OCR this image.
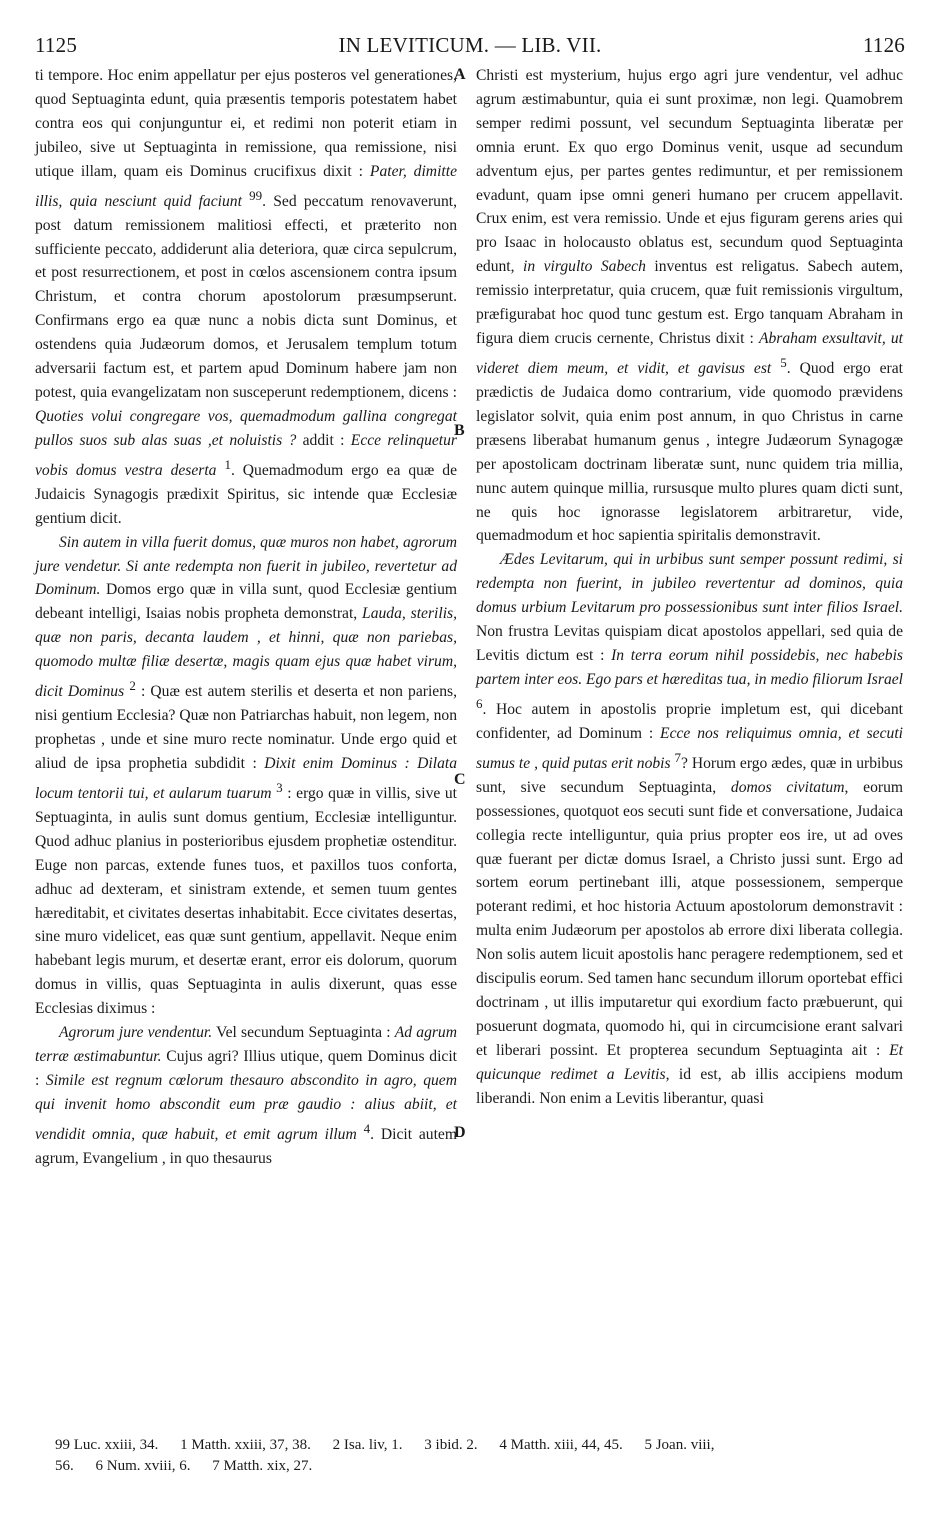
1125	IN LEVITICUM. — LIB. VII.	1126
A
B
C
D

ti tempore. Hoc enim appellatur per ejus posteros vel generationes, quod Septuaginta edunt, quia præsentis temporis potestatem habet contra eos qui conjunguntur ei, et redimi non poterit etiam in jubileo, sive ut Septuaginta in remissione, qua remissione, nisi utique illam, quam eis Dominus crucifixus dixit : Pater, dimitte illis, quia nesciunt quid faciunt $^{99}$. Sed peccatum renovaverunt, post datum remissionem malitiosi effecti, et præterito non sufficiente peccato, addiderunt alia deteriora, quæ circa sepulcrum, et post resurrectionem, et post in cœlos ascensionem contra ipsum Christum, et contra chorum apostolorum præsumpserunt. Confirmans ergo ea quæ nunc a nobis dicta sunt Dominus, et ostendens quia Judæorum domos, et Jerusalem templum totum adversarii factum est, et partem apud Dominum habere jam non potest, quia evangelizatam non susceperunt redemptionem, dicens : Quoties volui congregare vos, quemadmodum gallina congregat pullos suos sub alas suas ,et noluistis ? addit : Ecce relinquetur vobis domus vestra deserta $^1$. Quemadmodum ergo ea quæ de Judaicis Synagogis prædixit Spiritus, sic intende quæ Ecclesiæ gentium dicit.

Sin autem in villa fuerit domus, quæ muros non habet, agrorum jure vendetur. Si ante redempta non fuerit in jubileo, revertetur ad Dominum. Domos ergo quæ in villa sunt, quod Ecclesiæ gentium debeant intelligi, Isaias nobis propheta demonstrat, Lauda, sterilis, quæ non paris, decanta laudem , et hinni, quæ non pariebas, quomodo multæ filiæ desertæ, magis quam ejus quæ habet virum, dicit Dominus $^2$ : Quæ est autem sterilis et deserta et non pariens, nisi gentium Ecclesia? Quæ non Patriarchas habuit, non legem, non prophetas , unde et sine muro recte nominatur. Unde ergo quid et aliud de ipsa prophetia subdidit : Dixit enim Dominus : Dilata locum tentorii tui, et aularum tuarum $^3$ : ergo quæ in villis, sive ut Septuaginta, in aulis sunt domus gentium, Ecclesiæ intelliguntur. Quod adhuc planius in posterioribus ejusdem prophetiæ ostenditur. Euge non parcas, extende funes tuos, et paxillos tuos conforta, adhuc ad dexteram, et sinistram extende, et semen tuum gentes hæreditabit, et civitates desertas inhabitabit. Ecce civitates desertas, sine muro videlicet, eas quæ sunt gentium, appellavit. Neque enim habebant legis murum, et desertæ erant, error eis dolorum, quorum domus in villis, quas Septuaginta in aulis dixerunt, quas esse Ecclesias diximus :

Agrorum jure vendentur. Vel secundum Septuaginta : Ad agrum terræ æstimabuntur. Cujus agri? Illius utique, quem Dominus dicit : Simile est regnum cœlorum thesauro abscondito in agro, quem qui invenit homo abscondit eum præ gaudio : alius abiit, et vendidit omnia, quæ habuit, et emit agrum illum $^4$. Dicit autem agrum, Evangelium , in quo thesaurus

Christi est mysterium, hujus ergo agri jure vendentur, vel adhuc agrum æstimabuntur, quia ei sunt proximæ, non legi. Quamobrem semper redimi possunt, vel secundum Septuaginta liberatæ per omnia erunt. Ex quo ergo Dominus venit, usque ad secundum adventum ejus, per partes gentes redimuntur, et per remissionem evadunt, quam ipse omni generi humano per crucem appellavit. Crux enim, est vera remissio. Unde et ejus figuram gerens aries qui pro Isaac in holocausto oblatus est, secundum quod Septuaginta edunt, in virgulto Sabech inventus est religatus. Sabech autem, remissio interpretatur, quia crucem, quæ fuit remissionis virgultum, præfigurabat hoc quod tunc gestum est. Ergo tanquam Abraham in figura diem crucis cernente, Christus dixit : Abraham exsultavit, ut videret diem meum, et vidit, et gavisus est $^5$. Quod ergo erat prædictis de Judaica domo contrarium, vide quomodo prævidens legislator solvit, quia enim post annum, in quo Christus in carne præsens liberabat humanum genus , integre Judæorum Synagogæ per apostolicam doctrinam liberatæ sunt, nunc quidem tria millia, nunc autem quinque millia, rursusque multo plures quam dicti sunt, ne quis hoc ignorasse legislatorem arbitraretur, vide, quemadmodum et hoc sapientia spiritalis demonstravit.

Ædes Levitarum, qui in urbibus sunt semper possunt redimi, si redempta non fuerint, in jubileo revertentur ad dominos, quia domus urbium Levitarum pro possessionibus sunt inter filios Israel. Non frustra Levitas quispiam dicat apostolos appellari, sed quia de Levitis dictum est : In terra eorum nihil possidebis, nec habebis partem inter eos. Ego pars et hæreditas tua, in medio filiorum Israel $^6$. Hoc autem in apostolis proprie impletum est, qui dicebant confidenter, ad Dominum : Ecce nos reliquimus omnia, et secuti sumus te , quid putas erit nobis $^7$? Horum ergo ædes, quæ in urbibus sunt, sive secundum Septuaginta, domos civitatum, eorum possessiones, quotquot eos secuti sunt fide et conversatione, Judaica collegia recte intelliguntur, quia prius propter eos ire, ut ad oves quæ fuerant per dictæ domus Israel, a Christo jussi sunt. Ergo ad sortem eorum pertinebant illi, atque possessionem, semperque poterant redimi, et hoc historia Actuum apostolorum demonstravit : multa enim Judæorum per apostolos ab errore dixi liberata collegia. Non solis autem licuit apostolis hanc peragere redemptionem, sed et discipulis eorum. Sed tamen hanc secundum illorum oportebat effici doctrinam , ut illis imputaretur qui exordium facto præbuerunt, qui posuerunt dogmata, quomodo hi, qui in circumcisione erant salvari et liberari possint. Et propterea secundum Septuaginta ait : Et quicunque redimet a Levitis, id est, ab illis accipiens modum liberandi. Non enim a Levitis liberantur, quasi

99 Luc. xxiii, 34. 1 Matth. xxiii, 37, 38. 2 Isa. liv, 1. 3 ibid. 2. 4 Matth. xiii, 44, 45. 5 Joan. viii,
56. 6 Num. xviii, 6. 7 Matth. xix, 27.
